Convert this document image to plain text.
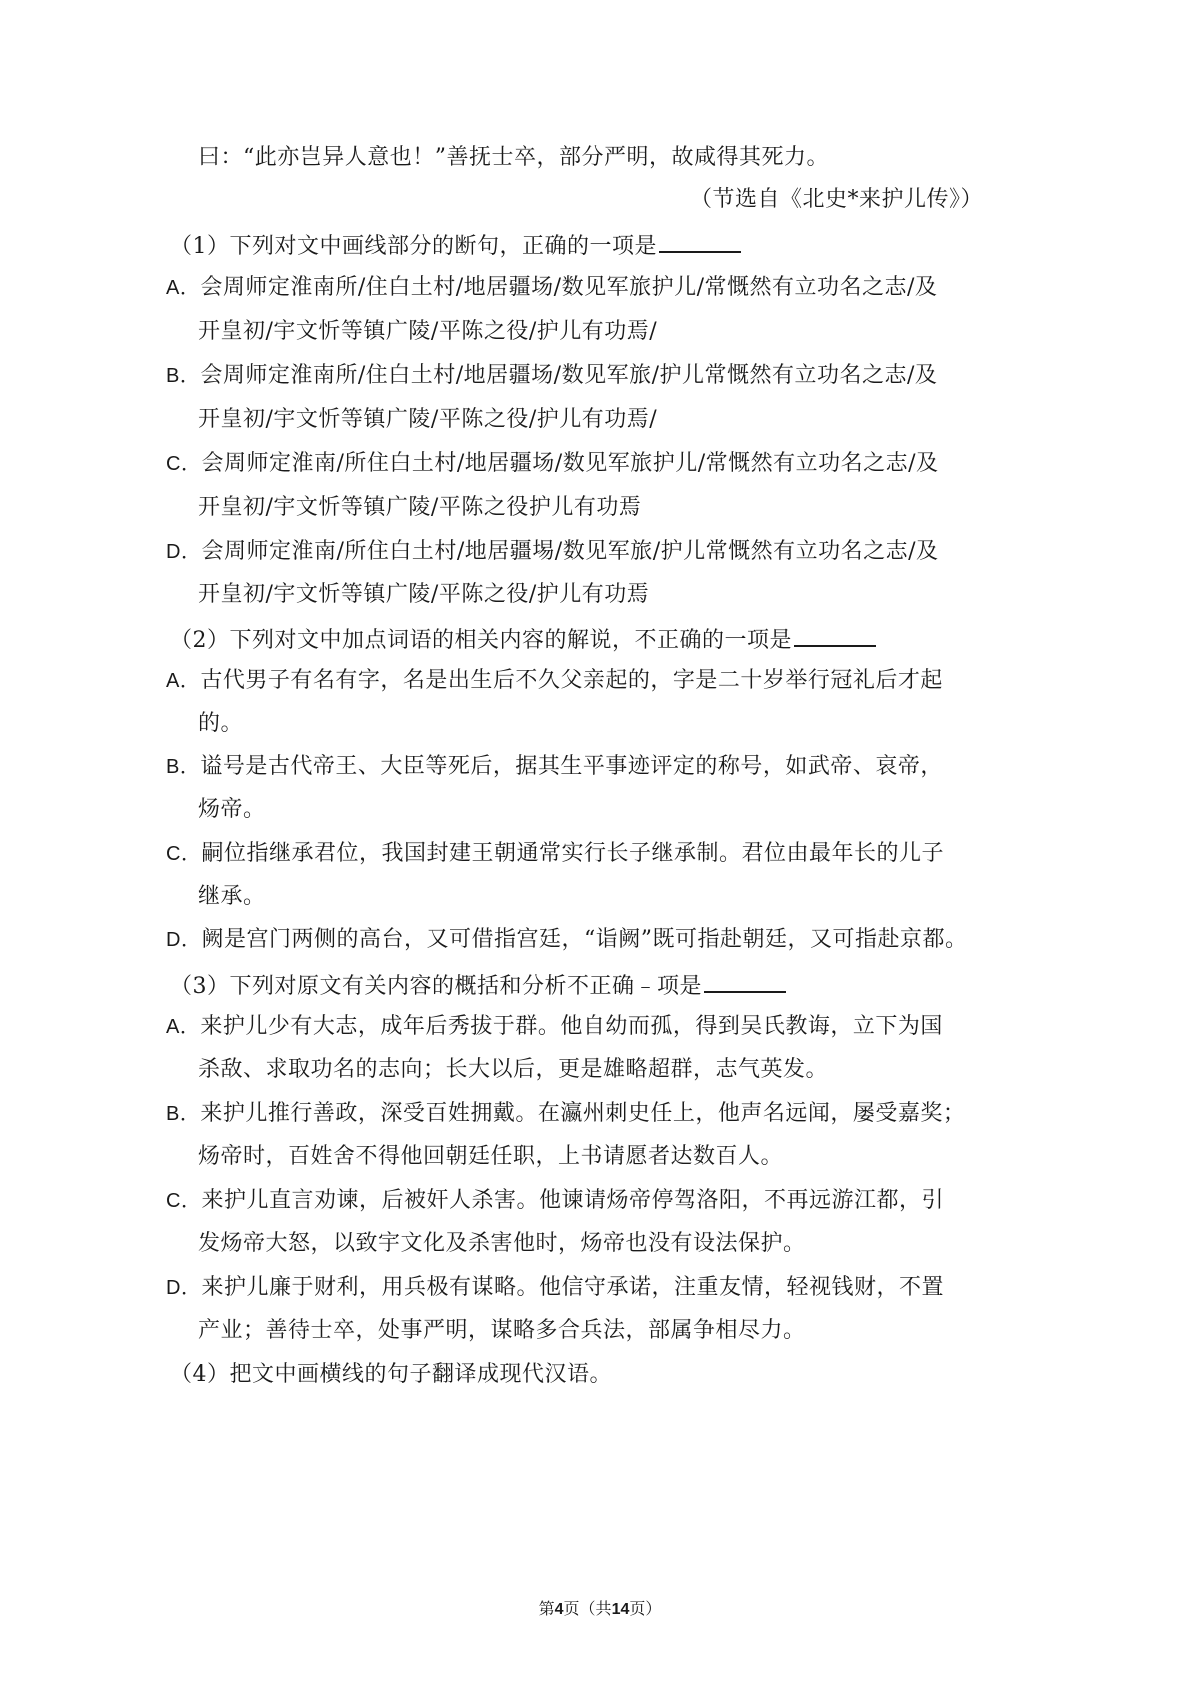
曰：“此亦岂异人意也！”善抚士卒，部分严明，故咸得其死力。
（节选自《北史*来护儿传》）
（1）下列对文中画线部分的断句，正确的一项是
A．会周师定淮南所/住白土村/地居疆场/数见军旅护儿/常慨然有立功名之志/及
开皇初/宇文忻等镇广陵/平陈之役/护儿有功焉/
B．会周师定淮南所/住白土村/地居疆场/数见军旅/护儿常慨然有立功名之志/及
开皇初/宇文忻等镇广陵/平陈之役/护儿有功焉/
C．会周师定淮南/所住白土村/地居疆场/数见军旅护儿/常慨然有立功名之志/及
开皇初/宇文忻等镇广陵/平陈之役护儿有功焉
D．会周师定淮南/所住白土村/地居疆埸/数见军旅/护儿常慨然有立功名之志/及
开皇初/宇文忻等镇广陵/平陈之役/护儿有功焉
（2）下列对文中加点词语的相关内容的解说，不正确的一项是
A．古代男子有名有字，名是出生后不久父亲起的，字是二十岁举行冠礼后才起
的。
B．谥号是古代帝王、大臣等死后，据其生平事迹评定的称号，如武帝、哀帝，
炀帝。
C．嗣位指继承君位，我国封建王朝通常实行长子继承制。君位由最年长的儿子
继承。
D．阙是宫门两侧的高台，又可借指宫廷，“诣阙”既可指赴朝廷，又可指赴京都。
（3）下列对原文有关内容的概括和分析不正确﹣项是
A．来护儿少有大志，成年后秀拔于群。他自幼而孤，得到吴氏教诲，立下为国
杀敌、求取功名的志向；长大以后，更是雄略超群，志气英发。
B．来护儿推行善政，深受百姓拥戴。在瀛州刺史任上，他声名远闻，屡受嘉奖；
炀帝时，百姓舍不得他回朝廷任职，上书请愿者达数百人。
C．来护儿直言劝谏，后被奸人杀害。他谏请炀帝停驾洛阳，不再远游江都，引
发炀帝大怒，以致宇文化及杀害他时，炀帝也没有设法保护。
D．来护儿廉于财利，用兵极有谋略。他信守承诺，注重友情，轻视钱财，不置
产业；善待士卒，处事严明，谋略多合兵法，部属争相尽力。
（4）把文中画横线的句子翻译成现代汉语。
第4页（共14页）
